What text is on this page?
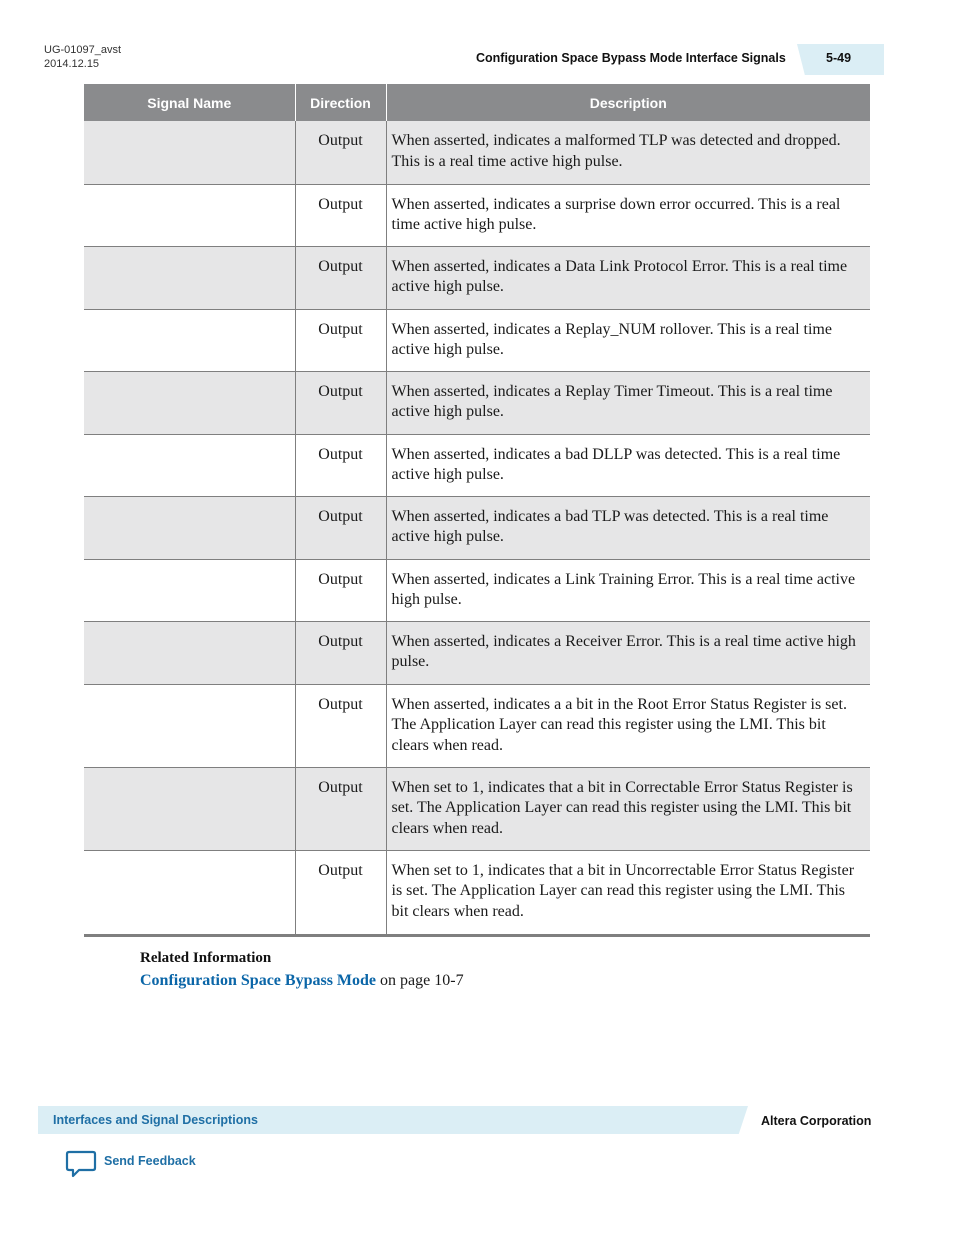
UG-01097_avst
2014.12.15	Configuration Space Bypass Mode Interface Signals	5-49
Signal Name	Direction	Description
	Output	When asserted, indicates a malformed TLP was detected and dropped. This is a real time active high pulse.
	Output	When asserted, indicates a surprise down error occurred. This is a real time active high pulse.
	Output	When asserted, indicates a Data Link Protocol Error. This is a real time active high pulse.
	Output	When asserted, indicates a Replay_NUM rollover. This is a real time active high pulse.
	Output	When asserted, indicates a Replay Timer Timeout. This is a real time active high pulse.
	Output	When asserted, indicates a bad DLLP was detected. This is a real time active high pulse.
	Output	When asserted, indicates a bad TLP was detected. This is a real time active high pulse.
	Output	When asserted, indicates a Link Training Error. This is a real time active high pulse.
	Output	When asserted, indicates a Receiver Error. This is a real time active high pulse.
	Output	When asserted, indicates a a bit in the Root Error Status Register is set. The Application Layer can read this register using the LMI. This bit clears when read.
	Output	When set to 1, indicates that a bit in Correctable Error Status Register is set. The Application Layer can read this register using the LMI. This bit clears when read.
	Output	When set to 1, indicates that a bit in Uncorrectable Error Status Register is set. The Application Layer can read this register using the LMI. This bit clears when read.
Related Information
Configuration Space Bypass Mode on page 10-7
Interfaces and Signal Descriptions	Altera Corporation
Send Feedback
